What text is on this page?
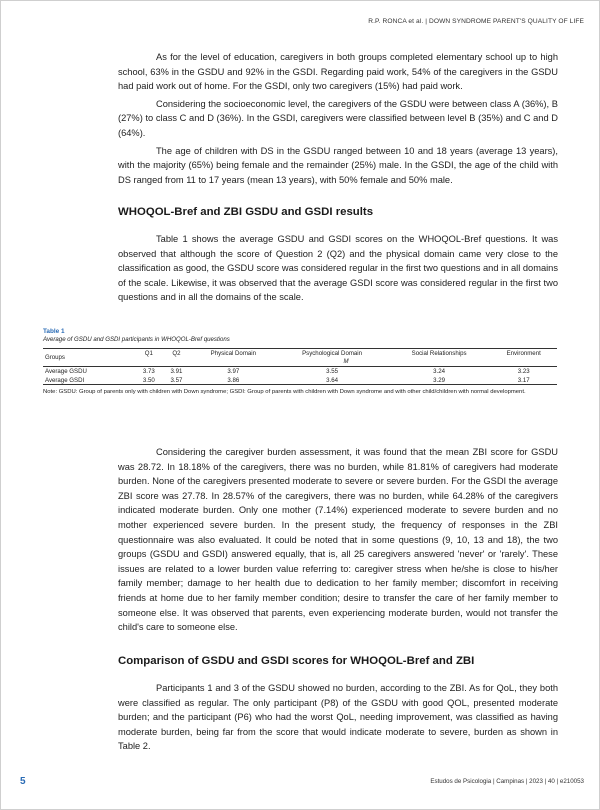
R.P. RONCA et al. | DOWN SYNDROME PARENT'S QUALITY OF LIFE

As for the level of education, caregivers in both groups completed elementary school up to high school, 63% in the GSDU and 92% in the GSDI. Regarding paid work, 54% of the caregivers in the GSDU had paid work out of home. For the GSDI, only two caregivers (15%) had paid work.

Considering the socioeconomic level, the caregivers of the GSDU were between class A (36%), B (27%) to class C and D (36%). In the GSDI, caregivers were classified between level B (35%) and C and D (64%).

The age of children with DS in the GSDU ranged between 10 and 18 years (average 13 years), with the majority (65%) being female and the remainder (25%) male. In the GSDI, the age of the child with DS ranged from 11 to 17 years (mean 13 years), with 50% female and 50% male.

WHOQOL-Bref and ZBI GSDU and GSDI results

Table 1 shows the average GSDU and GSDI scores on the WHOQOL-Bref questions. It was observed that although the score of Question 2 (Q2) and the physical domain came very close to the classification as good, the GSDU score was considered regular in the first two questions and in all domains of the scale. Likewise, it was observed that the average GSDI score was considered regular in the first two questions and in all the domains of the scale.

Table 1
Average of GSDU and GSDI participants in WHOQOL-Bref questions
Groups	Q1	Q2	Physical Domain	Psychological Domain	Social Relationships	Environment
	M					
Average GSDU	3.73	3.91	3.97	3.55	3.24	3.23
Average GSDI	3.50	3.57	3.86	3.64	3.29	3.17
Note: GSDU: Group of parents only with children with Down syndrome; GSDI: Group of parents with children with Down syndrome and with other child/children with normal development.

Considering the caregiver burden assessment, it was found that the mean ZBI score for GSDU was 28.72. In 18.18% of the caregivers, there was no burden, while 81.81% of caregivers had moderate burden. None of the caregivers presented moderate to severe or severe burden. For the GSDI the average ZBI score was 27.78. In 28.57% of the caregivers, there was no burden, while 64.28% of the caregivers indicated moderate burden. Only one mother (7.14%) experienced moderate to severe burden and no mother experienced severe burden. In the present study, the frequency of responses in the ZBI questionnaire was also evaluated. It could be noted that in some questions (9, 10, 13 and 18), the two groups (GSDU and GSDI) answered equally, that is, all 25 caregivers answered 'never' or 'rarely'. These issues are related to a lower burden value referring to: caregiver stress when he/she is close to his/her family member; damage to her health due to dedication to her family member; discomfort in receiving friends at home due to her family member condition; desire to transfer the care of her family member to someone else. It was observed that parents, even experiencing moderate burden, would not transfer the child's care to someone else.

Comparison of GSDU and GSDI scores for WHOQOL-Bref and ZBI

Participants 1 and 3 of the GSDU showed no burden, according to the ZBI. As for QoL, they both were classified as regular. The only participant (P8) of the GSDU with good QOL, presented moderate burden; and the participant (P6) who had the worst QoL, needing improvement, was classified as having moderate burden, being far from the score that would indicate moderate to severe, burden as shown in Table 2.

5	Estudos de Psicologia | Campinas | 2023 | 40 | e210053
